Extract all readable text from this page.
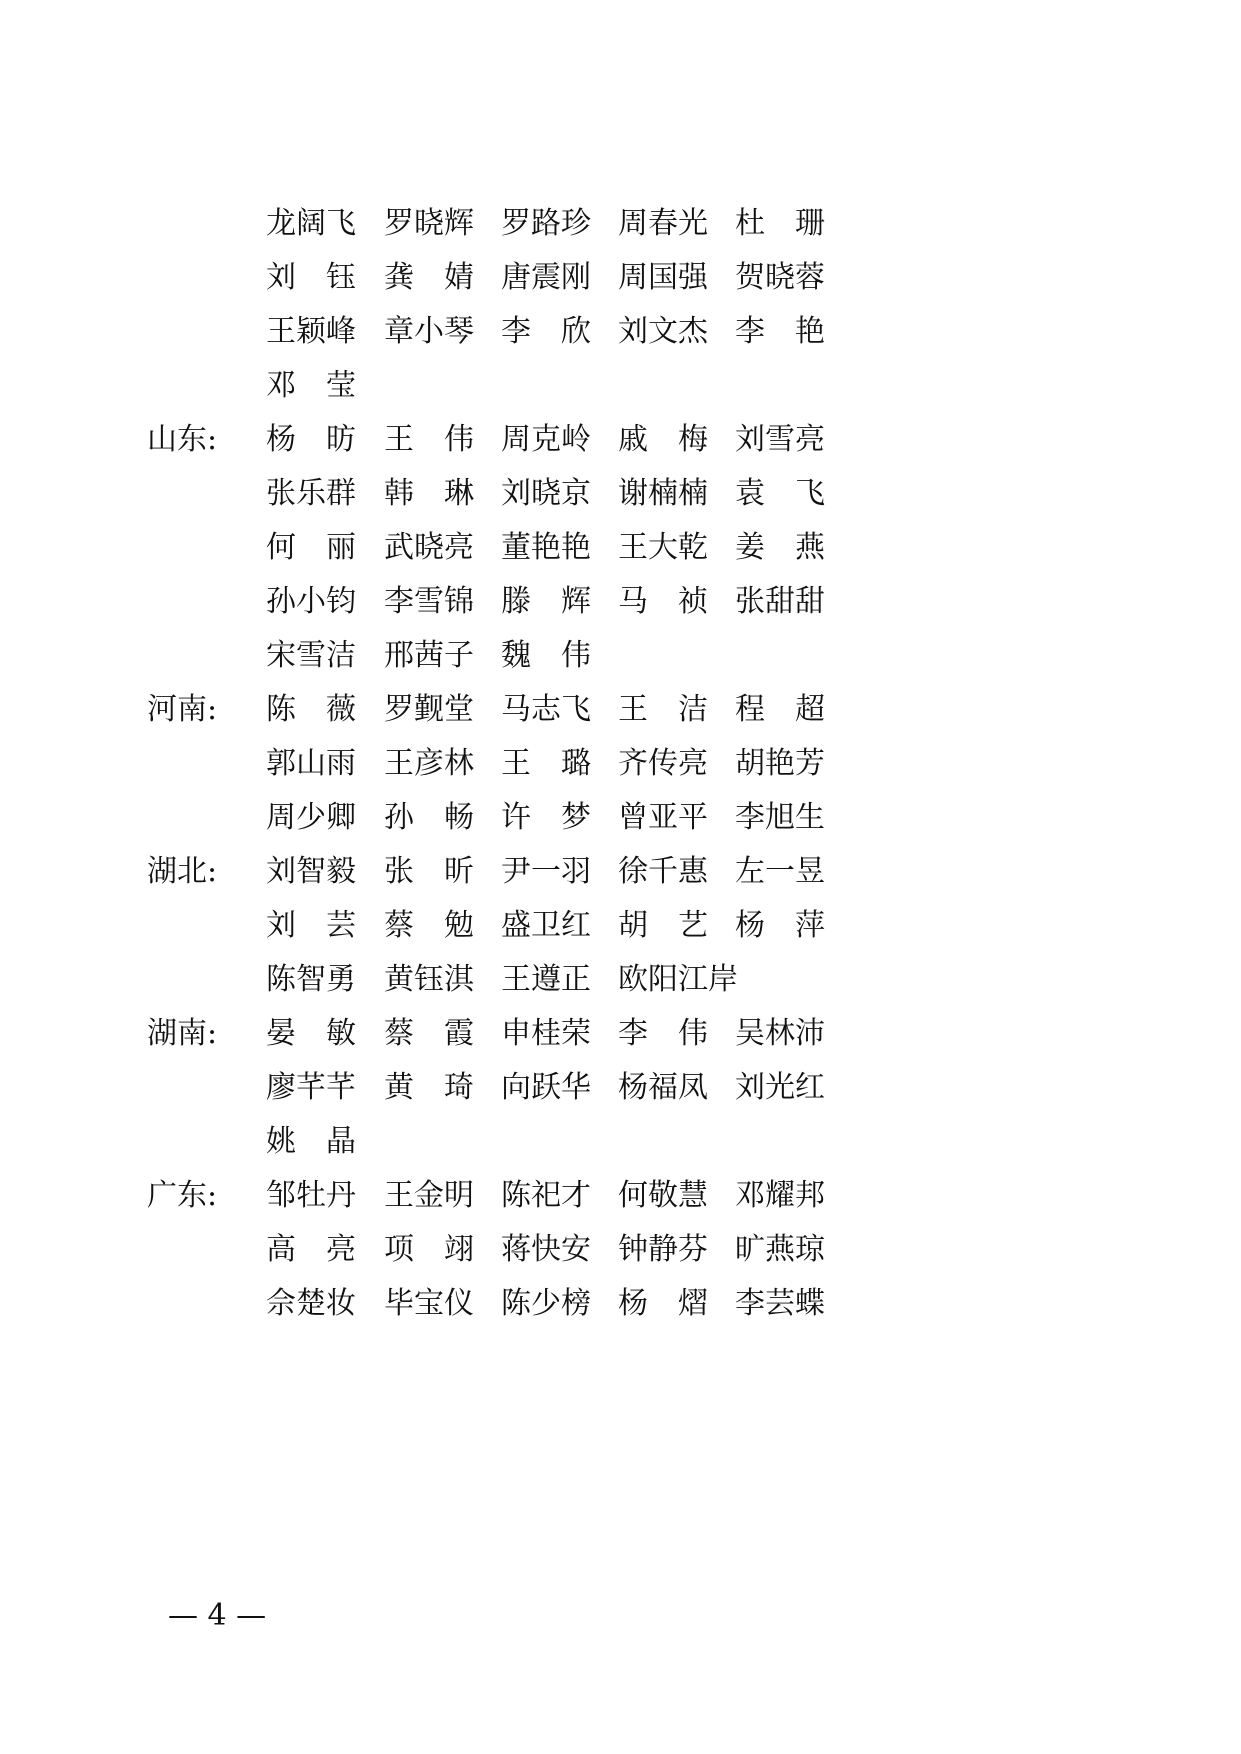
龙 阔 飞 罗 晓 辉 罗 路 珍 周 春 光 杜
　 珊
刘
　 钰 龚
　 婧 唐 震 刚 周 国 强 贺 晓 蓉
王 颖 峰 章 小 琴 李
　 欣 刘 文 杰 李
　 艳
邓
　 莹
山东: 杨
　 昉 王
　 伟 周 克 岭 戚
　 梅 刘 雪 亮
张 乐 群 韩
　 琳 刘 晓 京 谢 楠 楠 袁
　 飞
何
　 丽 武 晓 亮 董 艳 艳 王 大 乾 姜
　 燕
孙 小 钧 李 雪 锦 滕
　 辉 马
　 祯 张 甜 甜
宋 雪 洁 邢 茜 子 魏
　 伟
河南: 陈
　 薇 罗 觐 堂 马 志 飞 王
　 洁 程
　 超
郭 山 雨 王 彦 林 王
　 璐 齐 传 亮 胡 艳 芳
周 少 卿 孙
　 畅 许
　 梦 曾 亚 平 李 旭 生
湖北: 刘 智 毅 张
　 昕 尹 一 羽 徐 千 惠 左 一 昱
刘
　 芸 蔡
　 勉 盛 卫 红 胡
　 艺 杨
　 萍
陈 智 勇 黄 钰 淇 王 遵 正 欧阳江岸
湖南: 晏
　 敏 蔡
　 霞 申 桂 荣 李
　 伟 吴 林 沛
廖 芊 芊 黄
　 琦 向 跃 华 杨 福 凤 刘 光 红
姚
　 晶
广东: 邹 牡 丹 王 金 明 陈 祀 才 何 敬 慧 邓 耀 邦
高
　 亮 项
　 翊 蒋 快 安 钟 静 芬 旷 燕 琼
佘 楚 妆 毕 宝 仪 陈 少 榜 杨
　 熠 李 芸 蝶
— 4 —
